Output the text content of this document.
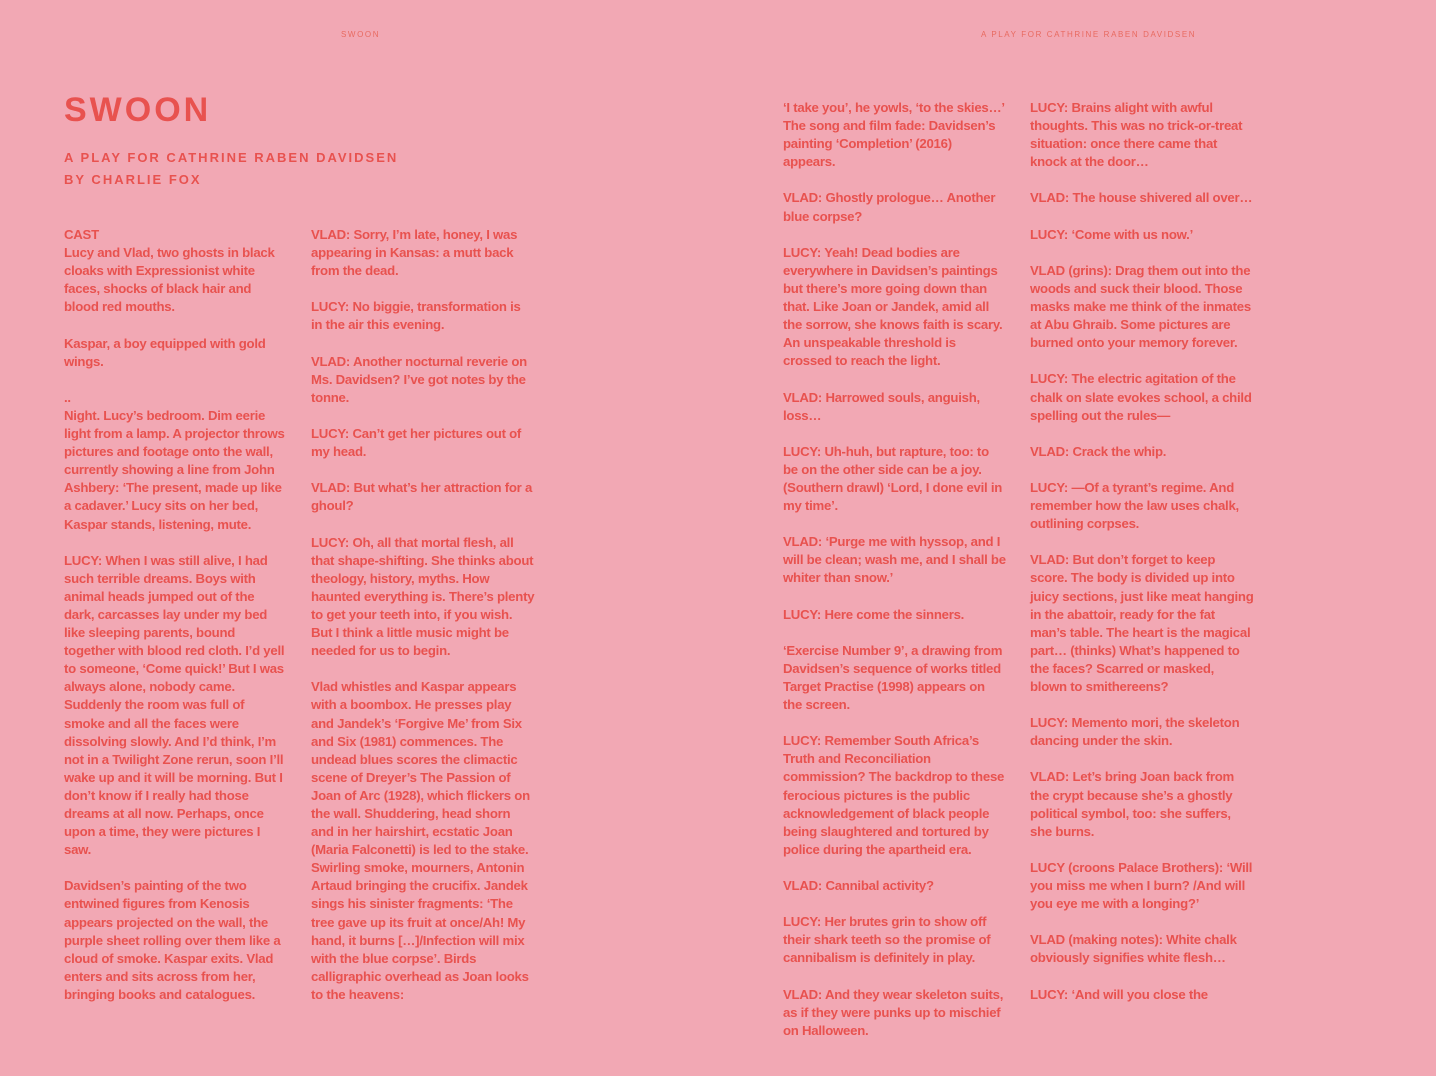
SWOON	A PLAY FOR CATHRINE RABEN DAVIDSEN
SWOON
A PLAY FOR CATHRINE RABEN DAVIDSEN
BY CHARLIE FOX

CAST
Lucy and Vlad, two ghosts in black cloaks with Expressionist white faces, shocks of black hair and blood red mouths.

Kaspar, a boy equipped with gold wings.

..
Night. Lucy’s bedroom. Dim eerie light from a lamp. A projector throws pictures and footage onto the wall, currently showing a line from John Ashbery: ‘The present, made up like a cadaver.’ Lucy sits on her bed, Kaspar stands, listening, mute.

LUCY: When I was still alive, I had such terrible dreams. Boys with animal heads jumped out of the dark, carcasses lay under my bed like sleeping parents, bound together with blood red cloth. I’d yell to someone, ‘Come quick!’ But I was always alone, nobody came. Suddenly the room was full of smoke and all the faces were dissolving slowly. And I’d think, I’m not in a Twilight Zone rerun, soon I’ll wake up and it will be morning. But I don’t know if I really had those dreams at all now. Perhaps, once upon a time, they were pictures I saw.

Davidsen’s painting of the two entwined figures from Kenosis appears projected on the wall, the purple sheet rolling over them like a cloud of smoke. Kaspar exits. Vlad enters and sits across from her, bringing books and catalogues.

VLAD: Sorry, I’m late, honey, I was appearing in Kansas: a mutt back from the dead.

LUCY: No biggie, transformation is in the air this evening.

VLAD: Another nocturnal reverie on Ms. Davidsen? I’ve got notes by the tonne.

LUCY: Can’t get her pictures out of my head.

VLAD: But what’s her attraction for a ghoul?

LUCY: Oh, all that mortal flesh, all that shape-shifting. She thinks about theology, history, myths. How haunted everything is. There’s plenty to get your teeth into, if you wish. But I think a little music might be needed for us to begin.

Vlad whistles and Kaspar appears with a boombox. He presses play and Jandek’s ‘Forgive Me’ from Six and Six (1981) commences. The undead blues scores the climactic scene of Dreyer’s The Passion of Joan of Arc (1928), which flickers on the wall. Shuddering, head shorn and in her hairshirt, ecstatic Joan (Maria Falconetti) is led to the stake. Swirling smoke, mourners, Antonin Artaud bringing the crucifix. Jandek sings his sinister fragments: ‘The tree gave up its fruit at once/Ah! My hand, it burns […]/Infection will mix with the blue corpse’. Birds calligraphic overhead as Joan looks to the heavens:

‘I take you’, he yowls, ‘to the skies…’ The song and film fade: Davidsen’s painting ‘Completion’ (2016) appears.

VLAD: Ghostly prologue… Another blue corpse?

LUCY: Yeah! Dead bodies are everywhere in Davidsen’s paintings but there’s more going down than that. Like Joan or Jandek, amid all the sorrow, she knows faith is scary. An unspeakable threshold is crossed to reach the light.

VLAD: Harrowed souls, anguish, loss…

LUCY: Uh-huh, but rapture, too: to be on the other side can be a joy. (Southern drawl) ‘Lord, I done evil in my time’.

VLAD: ‘Purge me with hyssop, and I will be clean; wash me, and I shall be whiter than snow.’

LUCY: Here come the sinners.

‘Exercise Number 9’, a drawing from Davidsen’s sequence of works titled Target Practise (1998) appears on the screen.

LUCY: Remember South Africa’s Truth and Reconciliation commission? The backdrop to these ferocious pictures is the public acknowledgement of black people being slaughtered and tortured by police during the apartheid era.

VLAD: Cannibal activity?

LUCY: Her brutes grin to show off their shark teeth so the promise of cannibalism is definitely in play.

VLAD: And they wear skeleton suits, as if they were punks up to mischief on Halloween.

LUCY: Brains alight with awful thoughts. This was no trick-or-treat situation: once there came that knock at the door…

VLAD: The house shivered all over…

LUCY: ‘Come with us now.’

VLAD (grins): Drag them out into the woods and suck their blood. Those masks make me think of the inmates at Abu Ghraib. Some pictures are burned onto your memory forever.

LUCY: The electric agitation of the chalk on slate evokes school, a child spelling out the rules—

VLAD: Crack the whip.

LUCY: —Of a tyrant’s regime. And remember how the law uses chalk, outlining corpses.

VLAD: But don’t forget to keep score. The body is divided up into juicy sections, just like meat hanging in the abattoir, ready for the fat man’s table. The heart is the magical part… (thinks) What’s happened to the faces? Scarred or masked, blown to smithereens?

LUCY: Memento mori, the skeleton dancing under the skin.

VLAD: Let’s bring Joan back from the crypt because she’s a ghostly political symbol, too: she suffers, she burns.

LUCY (croons Palace Brothers): ‘Will you miss me when I burn? /And will you eye me with a longing?’

VLAD (making notes): White chalk obviously signifies white flesh…

LUCY: ‘And will you close the
